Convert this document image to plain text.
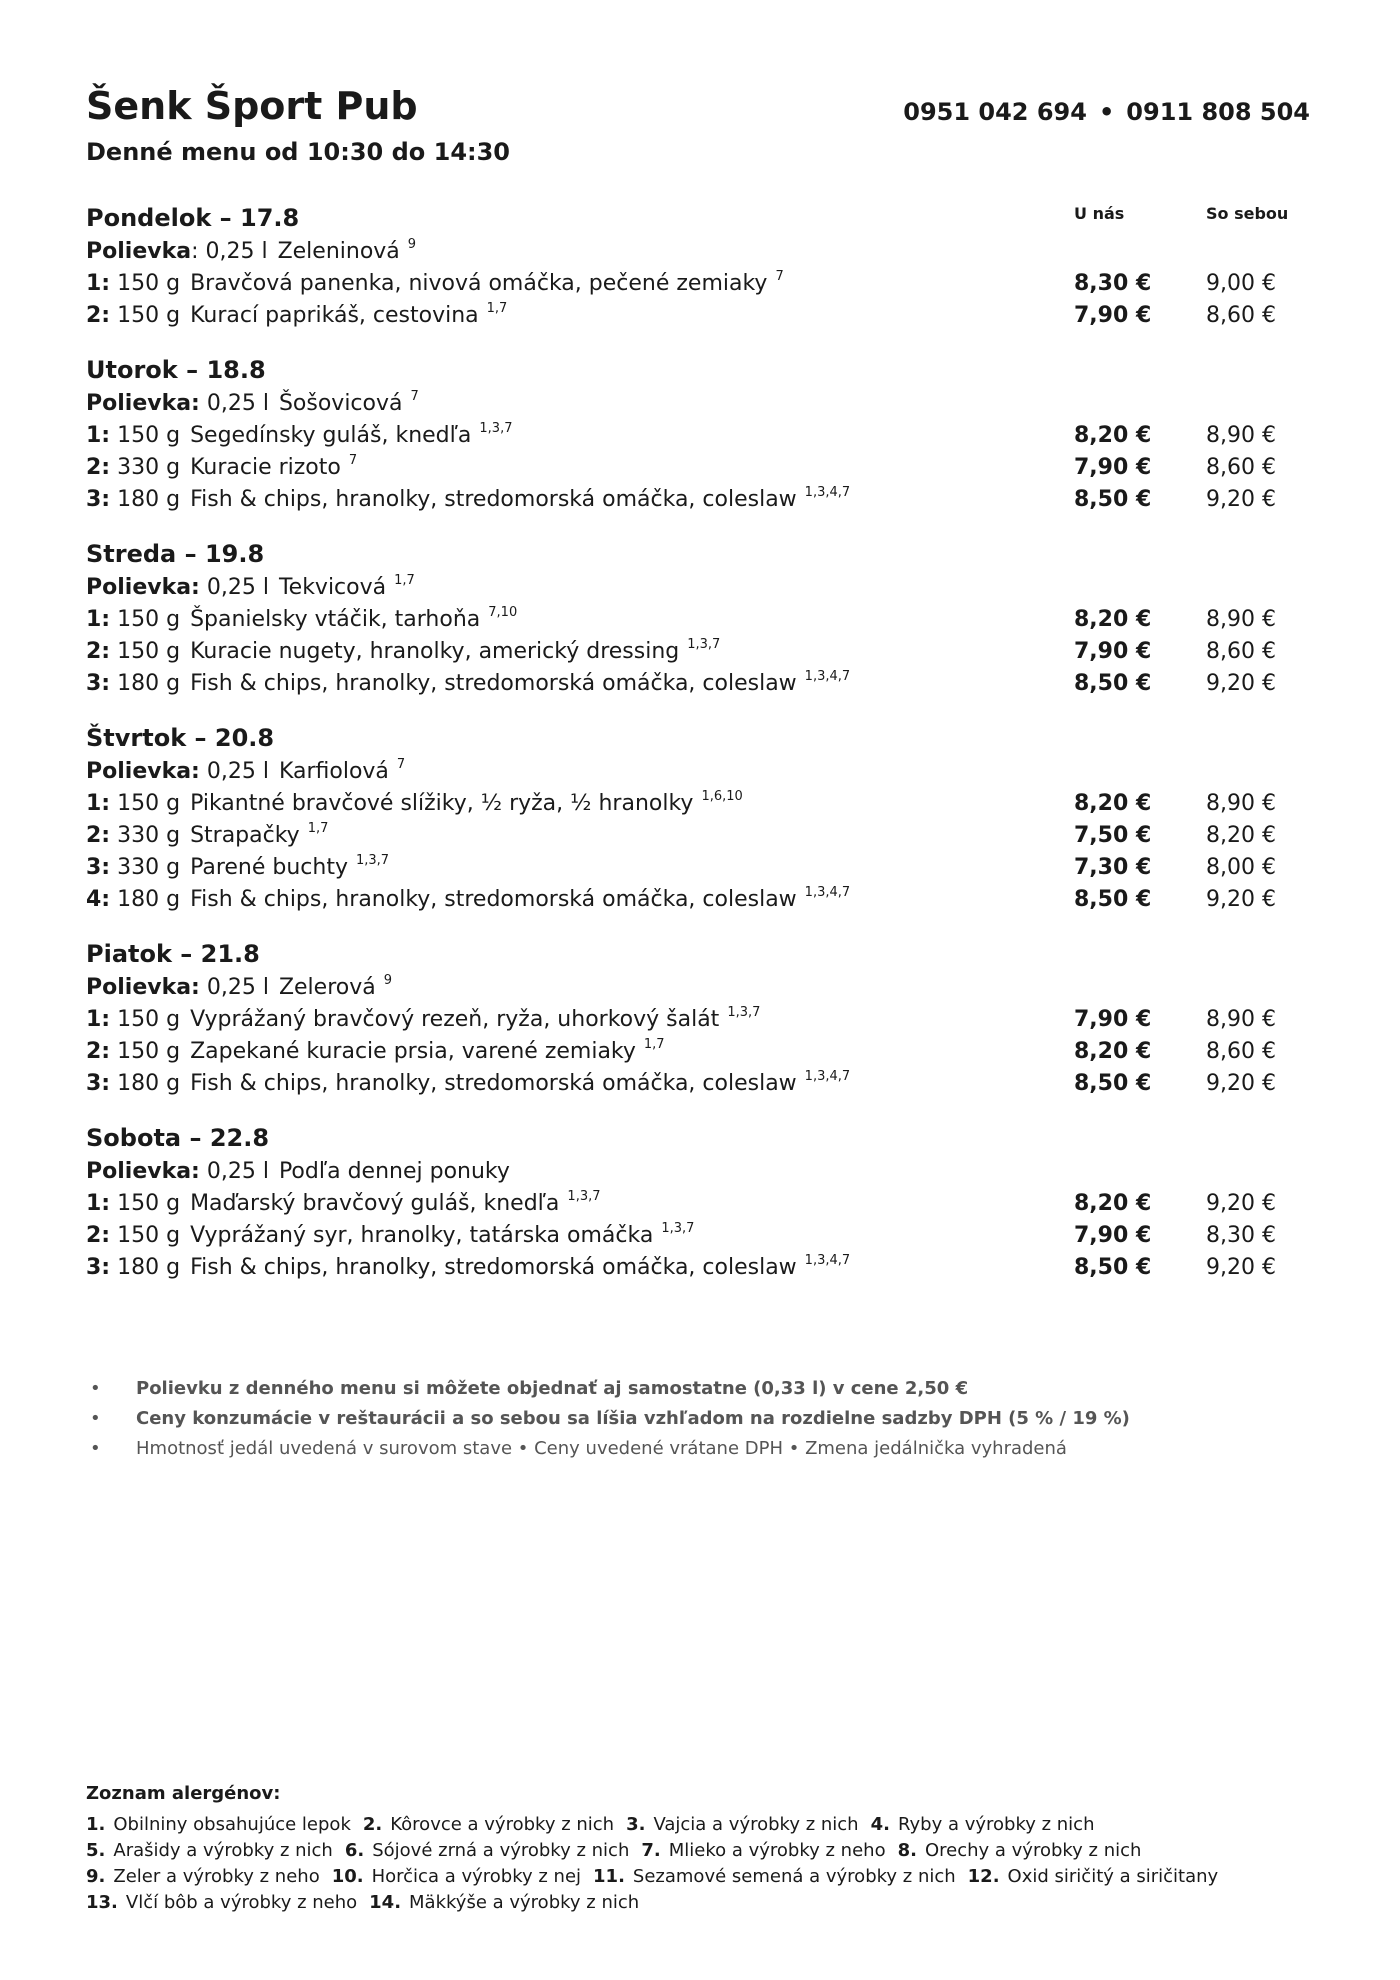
Šenk Šport Pub
Denné menu od 10:30 do 14:30
0951 042 694 • 0911 808 504
U nás	So sebou
Pondelok – 17.8
Polievka: 0,25 l Zeleninová $^9$
1: 150 g Bravčová panenka, nivová omáčka, pečené zemiaky $^7$	8,30 € 9,00 €
2: 150 g Kurací paprikáš, cestovina $^{1,7}$	7,90 € 8,60 €
Utorok – 18.8
Polievka: 0,25 l Šošovicová $^7$
1: 150 g Segedínsky guláš, knedľa $^{1,3,7}$	8,20 € 8,90 €
2: 330 g Kuracie rizoto $^7$	7,90 € 8,60 €
3: 180 g Fish & chips, hranolky, stredomorská omáčka, coleslaw $^{1,3,4,7}$	8,50 € 9,20 €
Streda – 19.8
Polievka: 0,25 l Tekvicová $^{1,7}$
1: 150 g Španielsky vtáčik, tarhoňa $^{7,10}$	8,20 € 8,90 €
2: 150 g Kuracie nugety, hranolky, americký dressing $^{1,3,7}$	7,90 € 8,60 €
3: 180 g Fish & chips, hranolky, stredomorská omáčka, coleslaw $^{1,3,4,7}$	8,50 € 9,20 €
Štvrtok – 20.8
Polievka: 0,25 l Karfiolová $^7$
1: 150 g Pikantné bravčové slížiky, ½ ryža, ½ hranolky $^{1,6,10}$	8,20 € 8,90 €
2: 330 g Strapačky $^{1,7}$	7,50 € 8,20 €
3: 330 g Parené buchty $^{1,3,7}$	7,30 € 8,00 €
4: 180 g Fish & chips, hranolky, stredomorská omáčka, coleslaw $^{1,3,4,7}$	8,50 € 9,20 €
Piatok – 21.8
Polievka: 0,25 l Zelerová $^9$
1: 150 g Vyprážaný bravčový rezeň, ryža, uhorkový šalát $^{1,3,7}$	7,90 € 8,90 €
2: 150 g Zapekané kuracie prsia, varené zemiaky $^{1,7}$	8,20 € 8,60 €
3: 180 g Fish & chips, hranolky, stredomorská omáčka, coleslaw $^{1,3,4,7}$	8,50 € 9,20 €
Sobota – 22.8
Polievka: 0,25 l Podľa dennej ponuky
1: 150 g Maďarský bravčový guláš, knedľa $^{1,3,7}$	8,20 € 9,20 €
2: 150 g Vyprážaný syr, hranolky, tatárska omáčka $^{1,3,7}$	7,90 € 8,30 €
3: 180 g Fish & chips, hranolky, stredomorská omáčka, coleslaw $^{1,3,4,7}$	8,50 € 9,20 €
• Polievku z denného menu si môžete objednať aj samostatne (0,33 l) v cene 2,50 €
• Ceny konzumácie v reštaurácii a so sebou sa líšia vzhľadom na rozdielne sadzby DPH (5 % / 19 %)
• Hmotnosť jedál uvedená v surovom stave • Ceny uvedené vrátane DPH • Zmena jedálnička vyhradená
Zoznam alergénov:
1. Obilniny obsahujúce lepok 2. Kôrovce a výrobky z nich 3. Vajcia a výrobky z nich 4. Ryby a výrobky z nich
5. Arašidy a výrobky z nich 6. Sójové zrná a výrobky z nich 7. Mlieko a výrobky z neho 8. Orechy a výrobky z nich
9. Zeler a výrobky z neho 10. Horčica a výrobky z nej 11. Sezamové semená a výrobky z nich 12. Oxid siričitý a siričitany
13. Vlčí bôb a výrobky z neho 14. Mäkkýše a výrobky z nich
